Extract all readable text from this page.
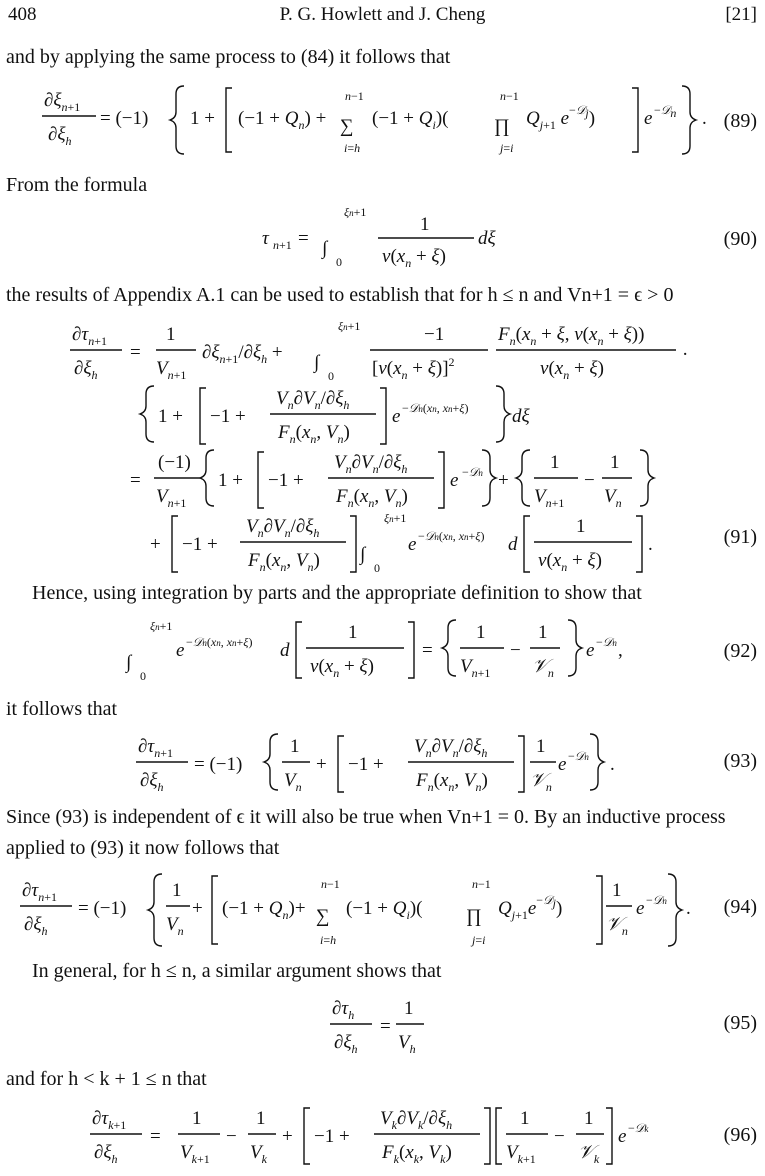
408	P. G. Howlett and J. Cheng	[21]
and by applying the same process to (84) it follows that
$\partial\xi_n+1$
$\partial\xi_h$
= (−1) $1 + (-1 + Q_n)$ + ∑
n−1
i=h
$(-1 + Q_i)$( ∏
n−1
j=i
$Q_{j+1}$ $e^{-𝒟}j$)	e −𝒟n . (89)
From the formula
τ n+1 = ∫
ξn+1
0
1
$v(x_n + \xi)$
dξ	(90)
the results of Appendix A.1 can be used to establish that for h ≤ n and Vn+1 = ϵ > 0
$\partial\tau_{n+1}$
$\partial\xi_h$
=
1
$V_{n+1}$
$\partial\xi_{n+1}/\partial\xi_h$ + ∫
ξn+1
0
−1
$[v(x_n + \xi)]^2$
$F_n(x_n + \xi$, $v(x_n + \xi)$)
$v(x_n + \xi)$
·
1 + −1 +
$V_n\partial V_n/\partial\xi_h$
$F_n(x_n$, $V_n$)
e −𝒟n(xn, xn+ξ) dξ
=
(−1)
$V_{n+1}$
1 + −1 +
$V_n\partial V_n/\partial\xi_h$
$F_n(x_n$, $V_n$)
e −𝒟n +
1
$V_{n+1}$
−
1
$V_n$
+ −1 +
$V_n\partial V_n/\partial\xi_h$
$F_n(x_n$, $V_n$) ∫
ξn+1
0
e −𝒟n(xn, xn+ξ) d
1
$v(x_n + \xi)$
.	(91)
Hence, using integration by parts and the appropriate definition to show that
∫
ξn+1
0
e −𝒟n(xn, xn+ξ) d
1
$v(x_n + \xi)$
=
1
$V_{n+1}$
−
1
𝒱$_n$
e −𝒟n ,	(92)
it follows that
$\partial\tau_{n+1}$
$\partial\xi_h$
= (−1)
1
$V_n$
+ −1 +
$V_n\partial V_n/\partial\xi_h$
$F_n(x_n$, $V_n$)
1
𝒱$_n$
e −𝒟n .	(93)
Since (93) is independent of ϵ it will also be true when Vn+1 = 0. By an inductive process applied to (93) it now follows that
$\partial\tau_{n+1}$
$\partial\xi_h$
= (−1)
1
$V_n$
+ $(-1 + Q_n)+$ ∑
n−1
i=h
$(-1 + Q_i)$( ∏
n−1
j=i
$Q_{j+1}e^{-𝒟}j$)
1
𝒱$_n$
e −𝒟n . (94)
In general, for h ≤ n, a similar argument shows that
$\partial\tau_h$
$\partial\xi_h$
=
1
$V_h$
(95)
and for h < k + 1 ≤ n that
$\partial\tau_{k+1}$
$\partial\xi_h$
=
1
$V_{k+1}$
−
1
$V_k$
+ −1 +
$V_k\partial V_k/\partial\xi_h$
$F_k(x_k$, $V_k$)
1
$V_{k+1}$
−
1
𝒱$_k$
e −𝒟k	(96)
